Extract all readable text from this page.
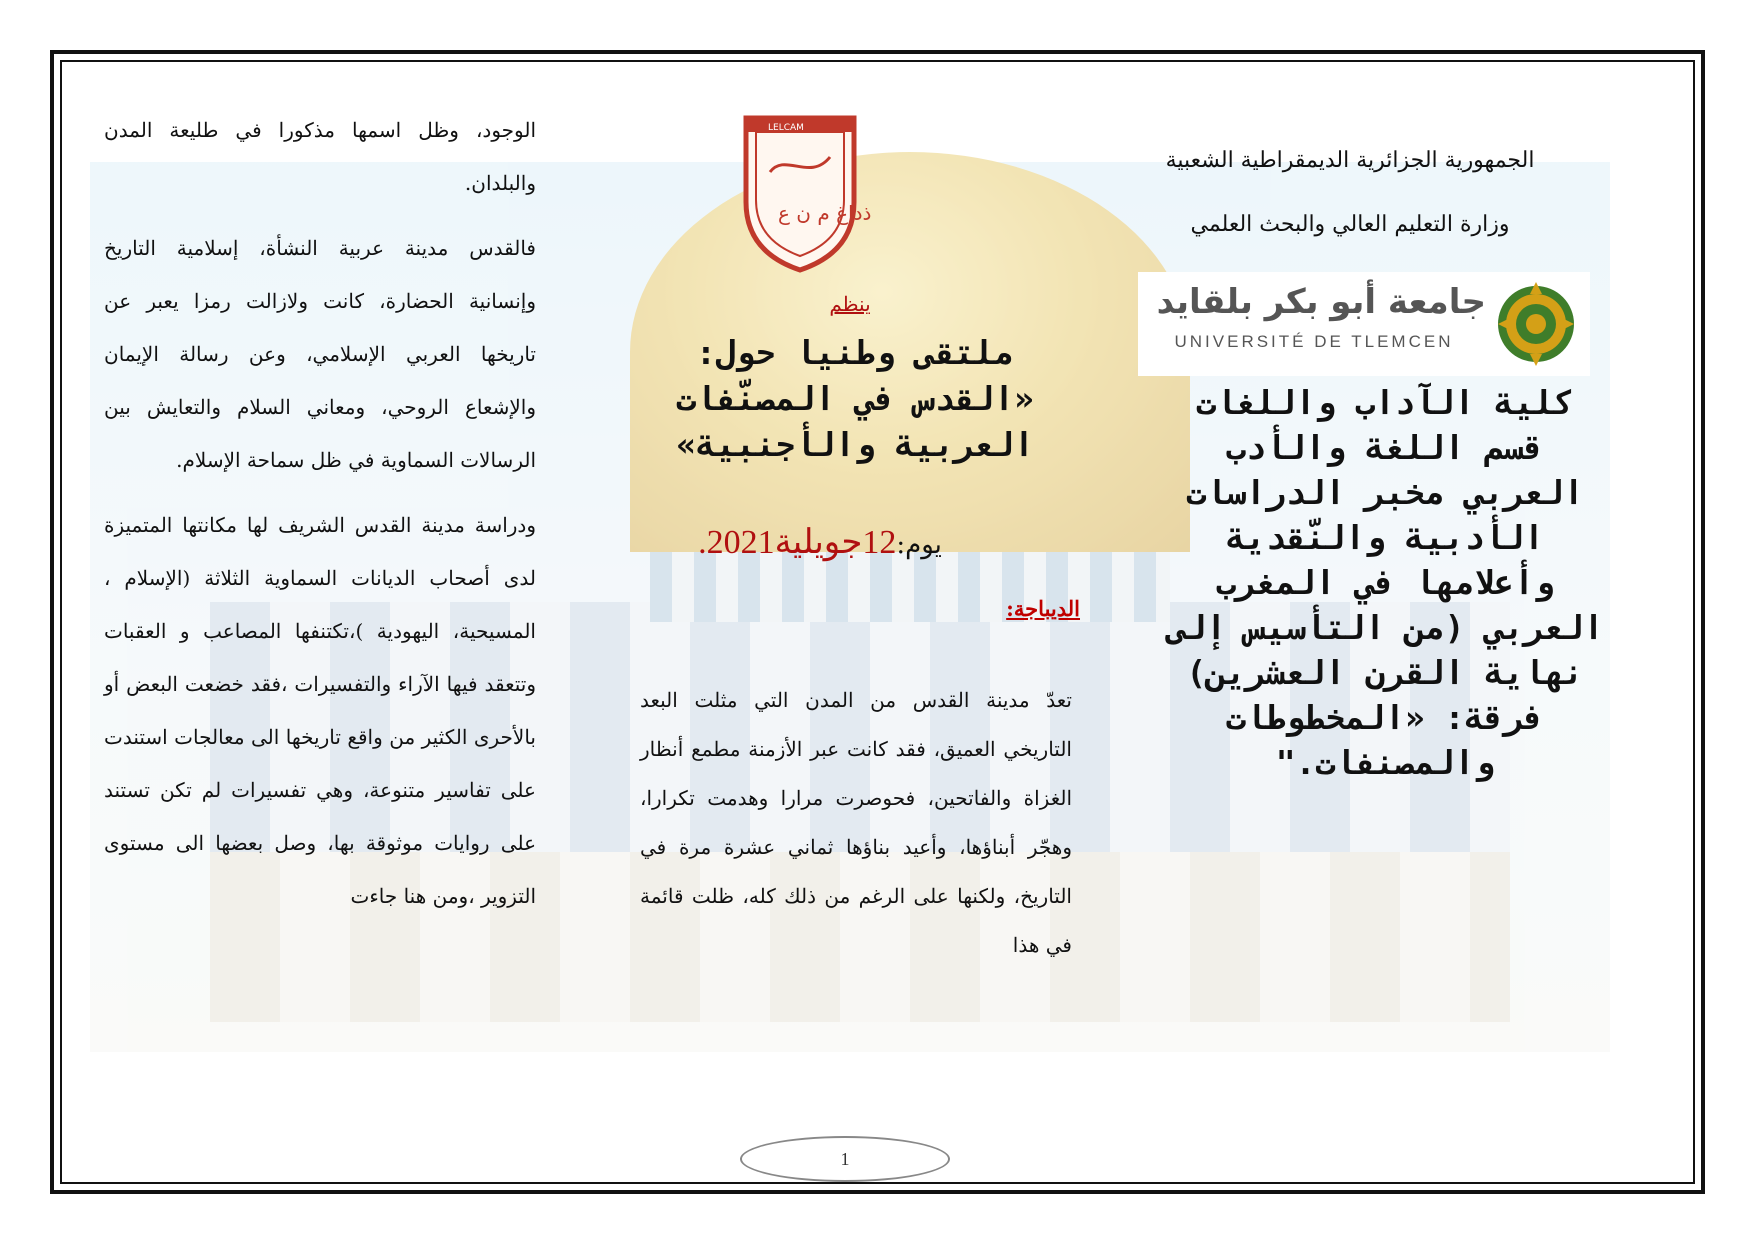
الوجود، وظل اسمها مذكورا في طليعة المدن والبلدان.

فالقدس مدينة عربية النشأة، إسلامية التاريخ وإنسانية الحضارة، كانت ولازالت رمزا يعبر عن تاريخها العربي الإسلامي، وعن رسالة الإيمان والإشعاع الروحي، ومعاني السلام والتعايش بين الرسالات السماوية في ظل سماحة الإسلام.

ودراسة مدينة القدس الشريف لها مكانتها المتميزة لدى أصحاب الديانات السماوية الثلاثة (الإسلام ، المسيحية، اليهودية )،تكتنفها المصاعب و العقبات وتتعقد فيها الآراء والتفسيرات ،فقد خضعت البعض أو بالأحرى الكثير من واقع تاريخها الى معالجات استندت على تفاسير متنوعة، وهي تفسيرات لم تكن تستند على روايات موثوقة بها، وصل بعضها الى مستوى التزوير ،ومن هنا جاءت

LELCAM
ذداغ م ن ع
ينظم
ملتقى وطنيا حول: «القدس في المصنّفات العربية والأجنبية»
يوم:12جويلية2021.
الديباجة:
تعدّ مدينة القدس من المدن التي مثلت البعد التاريخي العميق، فقد كانت عبر الأزمنة مطمع أنظار الغزاة والفاتحين، فحوصرت مرارا وهدمت تكرارا، وهجّر أبناؤها، وأعيد بناؤها ثماني عشرة مرة في التاريخ، ولكنها على الرغم من ذلك كله، ظلت قائمة في هذا
الجمهورية الجزائرية الديمقراطية الشعبية
وزارة التعليم العالي والبحث العلمي
جامعة أبو بكر بلقايد
UNIVERSITÉ DE TLEMCEN
كلية الآداب واللغات قسم اللغة والأدب العربي مخبر الدراسات الأدبية والنّقدية وأعلامها في المغرب العربي (من التأسيس إلى نهاية القرن العشرين) فرقة: «المخطوطات والمصنفات."
1
